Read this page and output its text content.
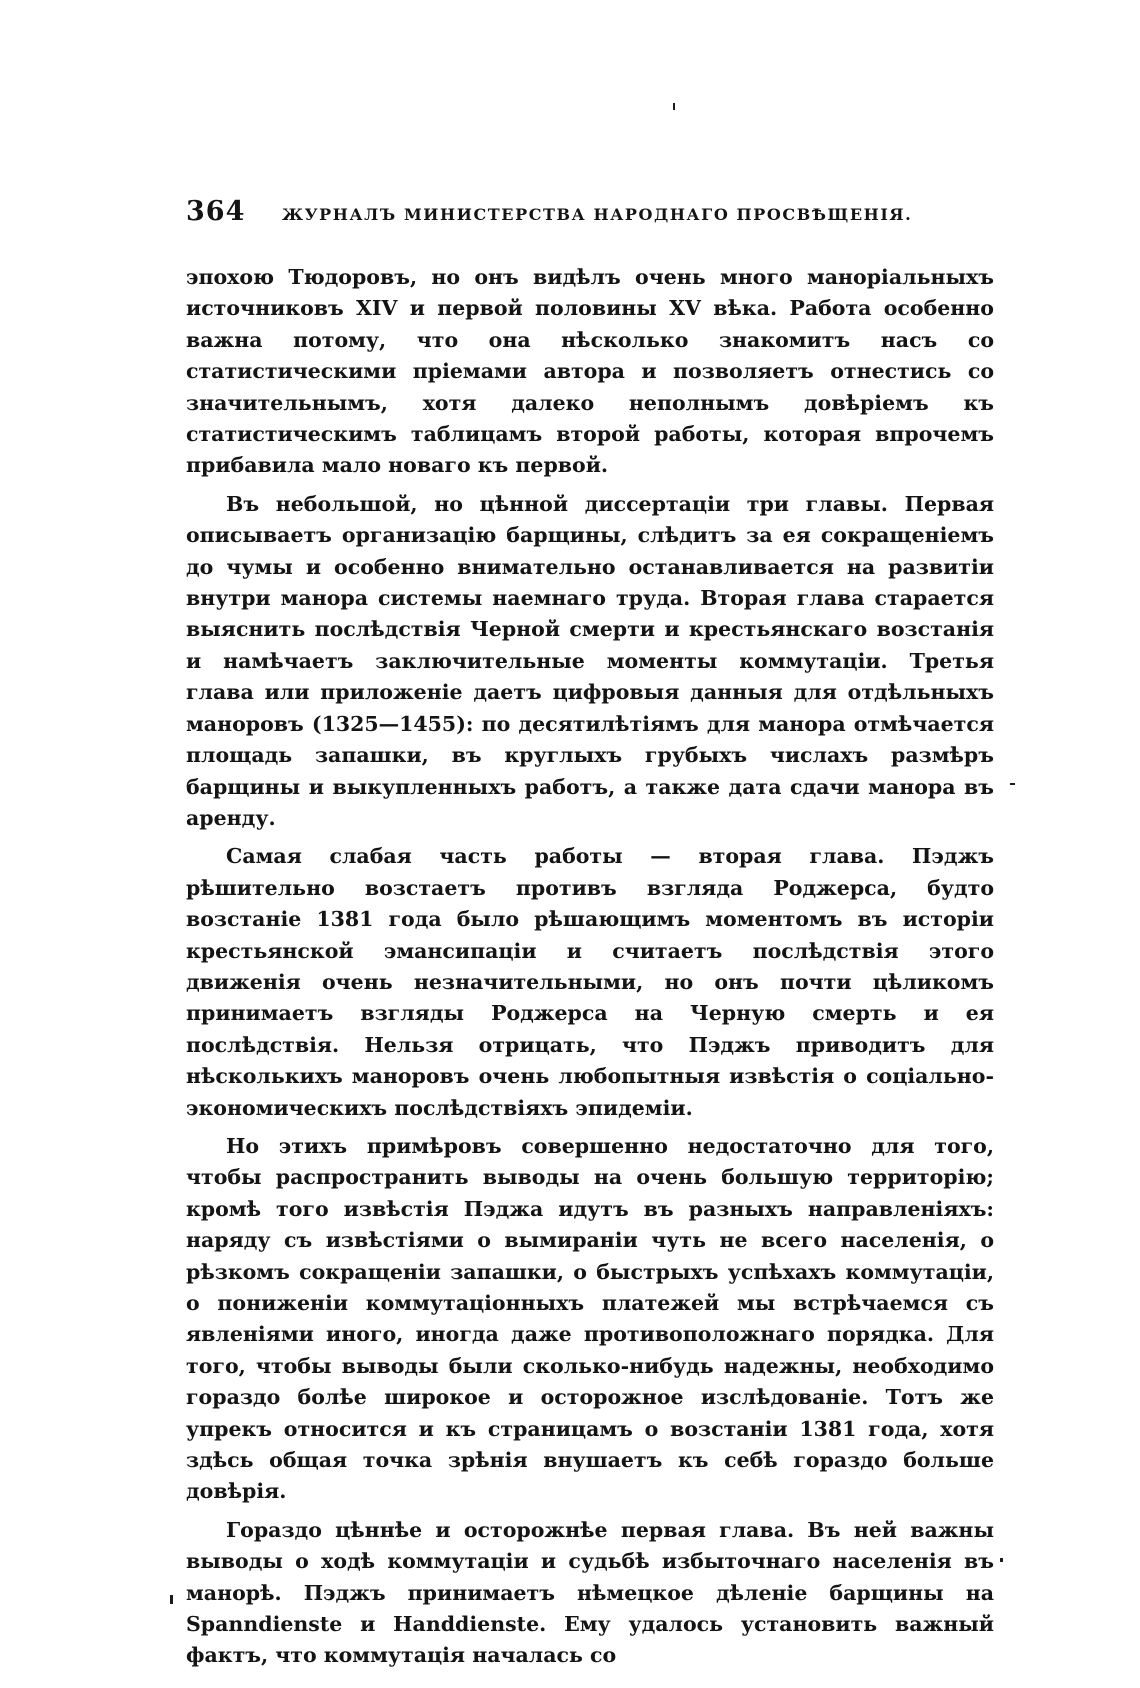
364	ЖУРНАЛЪ МИНИСТЕРСТВА НАРОДНАГО ПРОСВѢЩЕНІЯ.

эпохою Тюдоровъ, но онъ видѣлъ очень много манорiальныхъ источниковъ XIV и первой половины XV вѣка. Работа особенно важна потому, что она нѣсколько знакомитъ насъ со статистическими прiемами автора и позволяетъ отнестись со значительнымъ, хотя далеко неполнымъ довѣрiемъ къ статистическимъ таблицамъ второй работы, которая впрочемъ прибавила мало новаго къ первой.

Въ небольшой, но цѣнной диссертацiи три главы. Первая описываетъ организацiю барщины, слѣдитъ за ея сокращенiемъ до чумы и особенно внимательно останавливается на развитiи внутри манора системы наемнаго труда. Вторая глава старается выяснить послѣдствiя Черной смерти и крестьянскаго возстанiя и намѣчаетъ заключительные моменты коммутацiи. Третья глава или приложенiе даетъ цифровыя данныя для отдѣльныхъ маноровъ (1325—1455): по десятилѣтiямъ для манора отмѣчается площадь запашки, въ круглыхъ грубыхъ числахъ размѣръ барщины и выкупленныхъ работъ, а также дата сдачи манора въ аренду.

Самая слабая часть работы — вторая глава. Пэджъ рѣшительно возстаетъ противъ взгляда Роджерса, будто возстанiе 1381 года было рѣшающимъ моментомъ въ исторiи крестьянской эмансипацiи и считаетъ послѣдствiя этого движенiя очень незначительными, но онъ почти цѣликомъ принимаетъ взгляды Роджерса на Черную смерть и ея послѣдствiя. Нельзя отрицать, что Пэджъ приводитъ для нѣсколькихъ маноровъ очень любопытныя извѣстiя о соцiально-экономическихъ послѣдствiяхъ эпидемiи.

Но этихъ примѣровъ совершенно недостаточно для того, чтобы распространить выводы на очень большую территорiю; кромѣ того извѣстiя Пэджа идутъ въ разныхъ направленiяхъ: наряду съ извѣстiями о вымиранiи чуть не всего населенiя, о рѣзкомъ сокращенiи запашки, о быстрыхъ успѣхахъ коммутацiи, о пониженiи коммутацiонныхъ платежей мы встрѣчаемся съ явленiями иного, иногда даже противоположнаго порядка. Для того, чтобы выводы были сколько-нибудь надежны, необходимо гораздо болѣе широкое и осторожное изслѣдованiе. Тотъ же упрекъ относится и къ страницамъ о возстанiи 1381 года, хотя здѣсь общая точка зрѣнiя внушаетъ къ себѣ гораздо больше довѣрiя.

Гораздо цѣннѣе и осторожнѣе первая глава. Въ ней важны выводы о ходѣ коммутацiи и судьбѣ избыточнаго населенiя въ манорѣ. Пэджъ принимаетъ нѣмецкое дѣленiе барщины на Spanndienste и Handdienste. Ему удалось установить важный фактъ, что коммутацiя началась со
